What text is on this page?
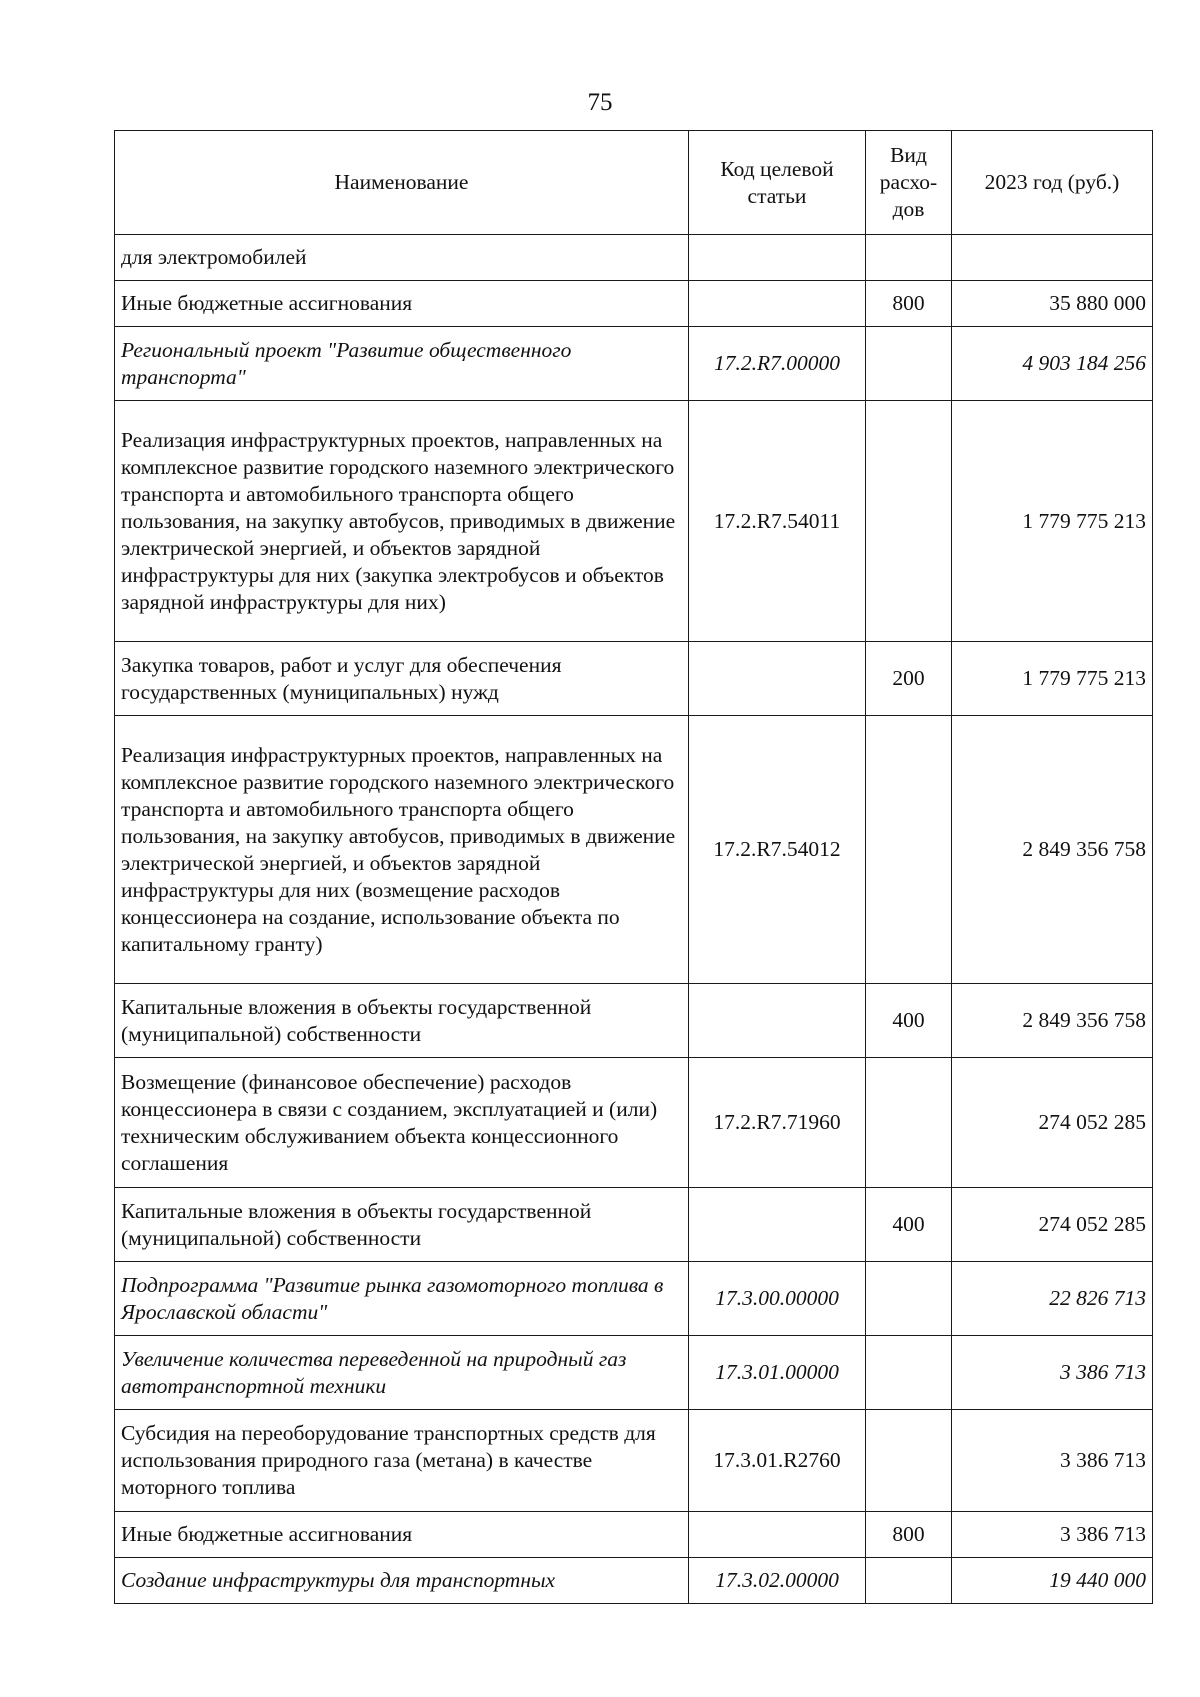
75
Наименование	Код целевой статьи	Вид расхо-дов	2023 год (руб.)
для электромобилей			
Иные бюджетные ассигнования		800	35 880 000
Региональный проект "Развитие общественного транспорта"	17.2.R7.00000		4 903 184 256
Реализация инфраструктурных проектов, направленных на комплексное развитие городского наземного электрического транспорта и автомобильного транспорта общего пользования, на закупку автобусов, приводимых в движение электрической энергией, и объектов зарядной инфраструктуры для них (закупка электробусов и объектов зарядной инфраструктуры для них)	17.2.R7.54011		1 779 775 213
Закупка товаров, работ и услуг для обеспечения государственных (муниципальных) нужд		200	1 779 775 213
Реализация инфраструктурных проектов, направленных на комплексное развитие городского наземного электрического транспорта и автомобильного транспорта общего пользования, на закупку автобусов, приводимых в движение электрической энергией, и объектов зарядной инфраструктуры для них (возмещение расходов концессионера на создание, использование объекта по капитальному гранту)	17.2.R7.54012		2 849 356 758
Капитальные вложения в объекты государственной (муниципальной) собственности		400	2 849 356 758
Возмещение (финансовое обеспечение) расходов концессионера в связи с созданием, эксплуатацией и (или) техническим обслуживанием объекта концессионного соглашения	17.2.R7.71960		274 052 285
Капитальные вложения в объекты государственной (муниципальной) собственности		400	274 052 285
Подпрограмма "Развитие рынка газомоторного топлива в Ярославской области"	17.3.00.00000		22 826 713
Увеличение количества переведенной на природный газ автотранспортной техники	17.3.01.00000		3 386 713
Субсидия на переоборудование транспортных средств для использования природного газа (метана) в качестве моторного топлива	17.3.01.R2760		3 386 713
Иные бюджетные ассигнования		800	3 386 713
Создание инфраструктуры для транспортных	17.3.02.00000		19 440 000
